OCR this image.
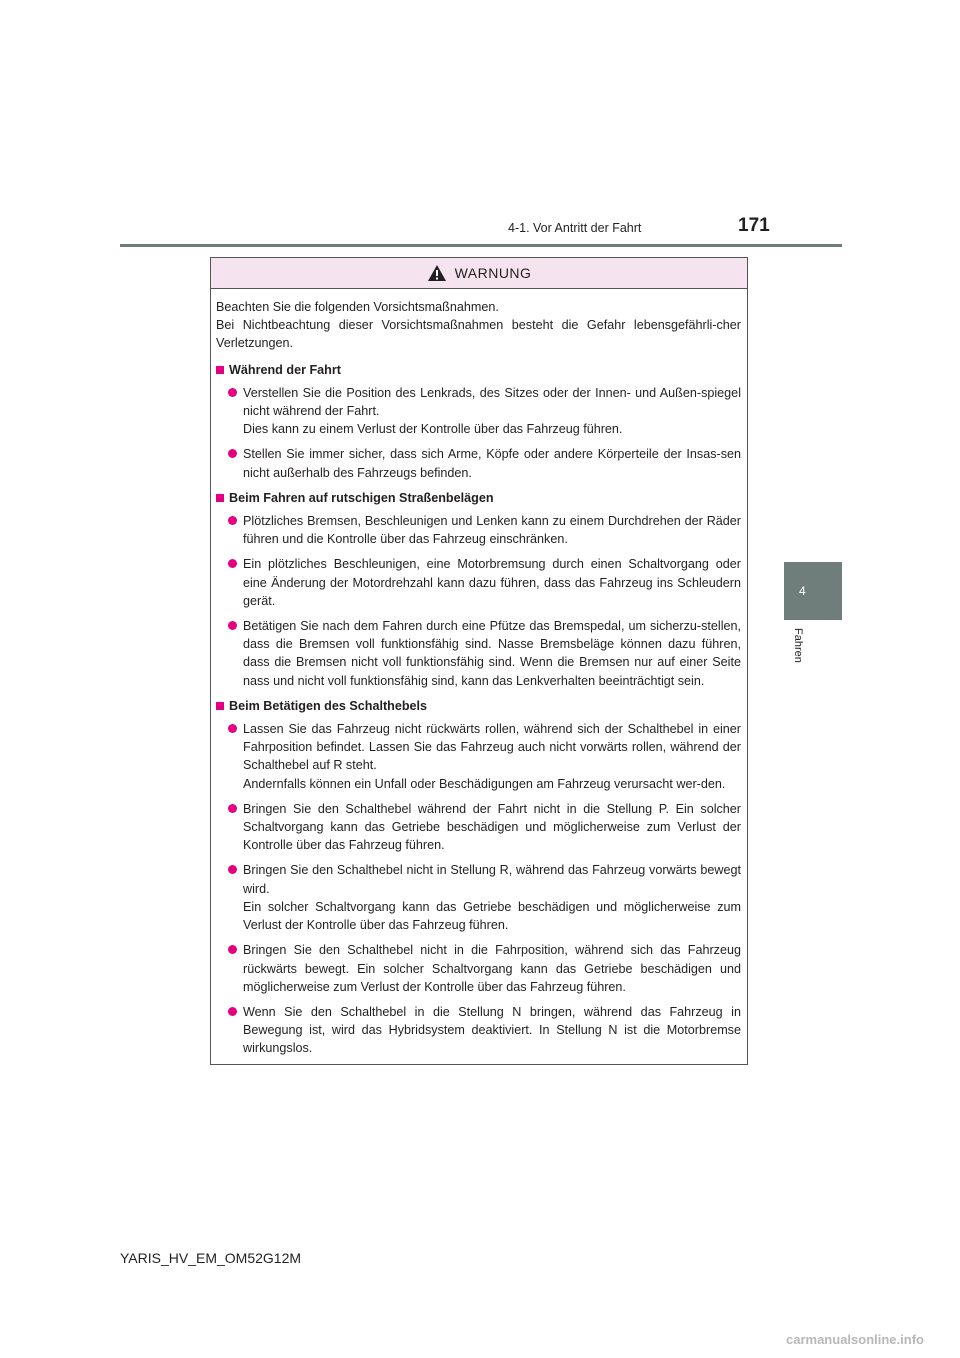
4-1. Vor Antritt der Fahrt	171
4
Fahren
WARNUNG

Beachten Sie die folgenden Vorsichtsmaßnahmen.

Bei Nichtbeachtung dieser Vorsichtsmaßnahmen besteht die Gefahr lebensgefährli-cher Verletzungen.

Während der Fahrt

Verstellen Sie die Position des Lenkrads, des Sitzes oder der Innen- und Außen-spiegel nicht während der Fahrt.

Dies kann zu einem Verlust der Kontrolle über das Fahrzeug führen.

Stellen Sie immer sicher, dass sich Arme, Köpfe oder andere Körperteile der Insas-sen nicht außerhalb des Fahrzeugs befinden.

Beim Fahren auf rutschigen Straßenbelägen

Plötzliches Bremsen, Beschleunigen und Lenken kann zu einem Durchdrehen der Räder führen und die Kontrolle über das Fahrzeug einschränken.

Ein plötzliches Beschleunigen, eine Motorbremsung durch einen Schaltvorgang oder eine Änderung der Motordrehzahl kann dazu führen, dass das Fahrzeug ins Schleudern gerät.

Betätigen Sie nach dem Fahren durch eine Pfütze das Bremspedal, um sicherzu-stellen, dass die Bremsen voll funktionsfähig sind. Nasse Bremsbeläge können dazu führen, dass die Bremsen nicht voll funktionsfähig sind. Wenn die Bremsen nur auf einer Seite nass und nicht voll funktionsfähig sind, kann das Lenkverhalten beeinträchtigt sein.

Beim Betätigen des Schalthebels

Lassen Sie das Fahrzeug nicht rückwärts rollen, während sich der Schalthebel in einer Fahrposition befindet. Lassen Sie das Fahrzeug auch nicht vorwärts rollen, während der Schalthebel auf R steht.

Andernfalls können ein Unfall oder Beschädigungen am Fahrzeug verursacht wer-den.

Bringen Sie den Schalthebel während der Fahrt nicht in die Stellung P. Ein solcher Schaltvorgang kann das Getriebe beschädigen und möglicherweise zum Verlust der Kontrolle über das Fahrzeug führen.

Bringen Sie den Schalthebel nicht in Stellung R, während das Fahrzeug vorwärts bewegt wird.

Ein solcher Schaltvorgang kann das Getriebe beschädigen und möglicherweise zum Verlust der Kontrolle über das Fahrzeug führen.

Bringen Sie den Schalthebel nicht in die Fahrposition, während sich das Fahrzeug rückwärts bewegt. Ein solcher Schaltvorgang kann das Getriebe beschädigen und möglicherweise zum Verlust der Kontrolle über das Fahrzeug führen.

Wenn Sie den Schalthebel in die Stellung N bringen, während das Fahrzeug in Bewegung ist, wird das Hybridsystem deaktiviert. In Stellung N ist die Motorbremse wirkungslos.

YARIS_HV_EM_OM52G12M
carmanualsonline.info
